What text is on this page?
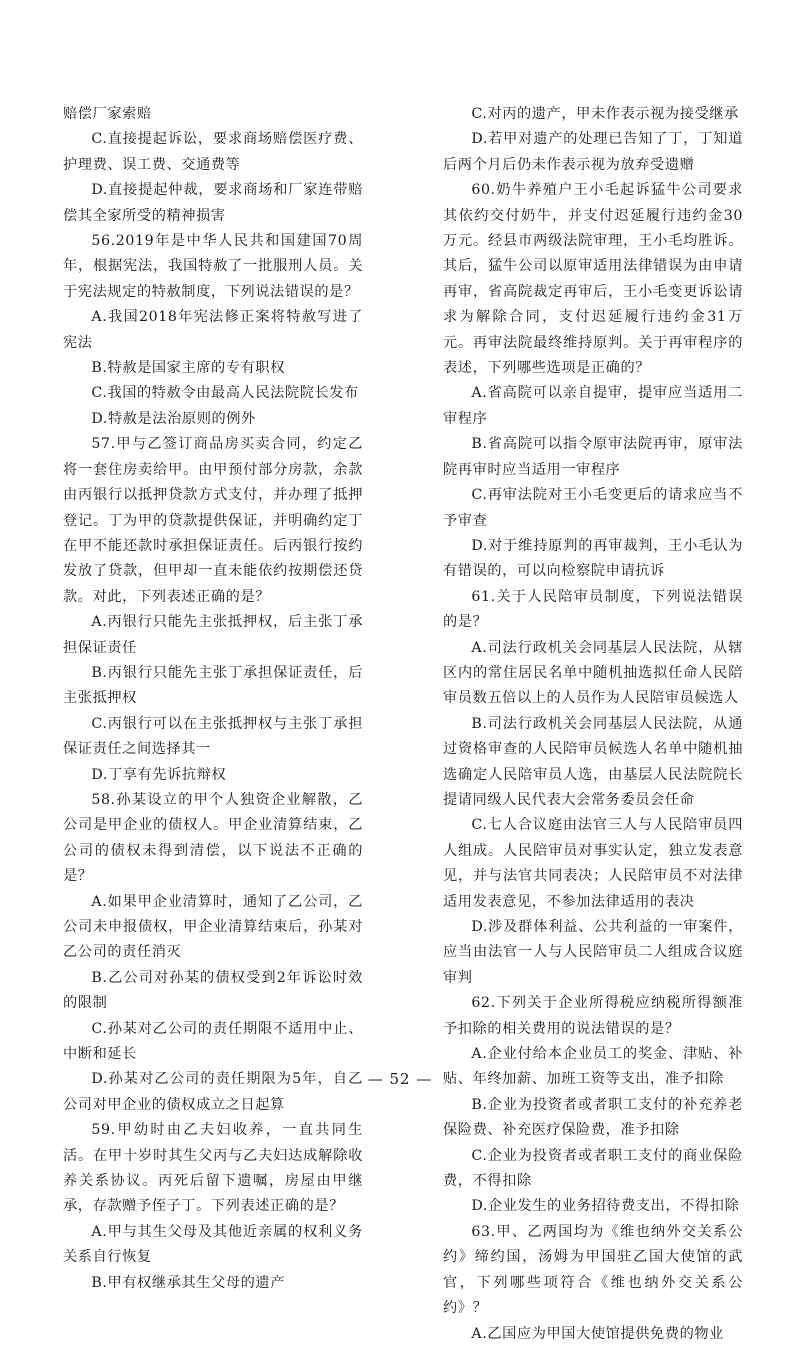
赔偿厂家索赔

C.直接提起诉讼，要求商场赔偿医疗费、护理费、误工费、交通费等

D.直接提起仲裁，要求商场和厂家连带赔偿其全家所受的精神损害

56.2019年是中华人民共和国建国70周年，根据宪法，我国特赦了一批服刑人员。关于宪法规定的特赦制度，下列说法错误的是？

A.我国2018年宪法修正案将特赦写进了宪法

B.特赦是国家主席的专有职权

C.我国的特赦令由最高人民法院院长发布

D.特赦是法治原则的例外

57.甲与乙签订商品房买卖合同，约定乙将一套住房卖给甲。由甲预付部分房款，余款由丙银行以抵押贷款方式支付，并办理了抵押登记。丁为甲的贷款提供保证，并明确约定丁在甲不能还款时承担保证责任。后丙银行按约发放了贷款，但甲却一直未能依约按期偿还贷款。对此，下列表述正确的是？

A.丙银行只能先主张抵押权，后主张丁承担保证责任

B.丙银行只能先主张丁承担保证责任，后主张抵押权

C.丙银行可以在主张抵押权与主张丁承担保证责任之间选择其一

D.丁享有先诉抗辩权

58.孙某设立的甲个人独资企业解散，乙公司是甲企业的债权人。甲企业清算结束，乙公司的债权未得到清偿，以下说法不正确的是？

A.如果甲企业清算时，通知了乙公司，乙公司未申报债权，甲企业清算结束后，孙某对乙公司的责任消灭

B.乙公司对孙某的债权受到2年诉讼时效的限制

C.孙某对乙公司的责任期限不适用中止、中断和延长

D.孙某对乙公司的责任期限为5年，自乙公司对甲企业的债权成立之日起算

59.甲幼时由乙夫妇收养，一直共同生活。在甲十岁时其生父丙与乙夫妇达成解除收养关系协议。丙死后留下遗嘱，房屋由甲继承，存款赠予侄子丁。下列表述正确的是？

A.甲与其生父母及其他近亲属的权利义务关系自行恢复

B.甲有权继承其生父母的遗产

C.对丙的遗产，甲未作表示视为接受继承

D.若甲对遗产的处理已告知了丁，丁知道后两个月后仍未作表示视为放弃受遗赠

60.奶牛养殖户王小毛起诉猛牛公司要求其依约交付奶牛，并支付迟延履行违约金30万元。经县市两级法院审理，王小毛均胜诉。其后，猛牛公司以原审适用法律错误为由申请再审，省高院裁定再审后，王小毛变更诉讼请求为解除合同，支付迟延履行违约金31万元。再审法院最终维持原判。关于再审程序的表述，下列哪些选项是正确的？

A.省高院可以亲自提审，提审应当适用二审程序

B.省高院可以指令原审法院再审，原审法院再审时应当适用一审程序

C.再审法院对王小毛变更后的请求应当不予审查

D.对于维持原判的再审裁判，王小毛认为有错误的，可以向检察院申请抗诉

61.关于人民陪审员制度，下列说法错误的是？

A.司法行政机关会同基层人民法院，从辖区内的常住居民名单中随机抽选拟任命人民陪审员数五倍以上的人员作为人民陪审员候选人

B.司法行政机关会同基层人民法院，从通过资格审查的人民陪审员候选人名单中随机抽选确定人民陪审员人选，由基层人民法院院长提请同级人民代表大会常务委员会任命

C.七人合议庭由法官三人与人民陪审员四人组成。人民陪审员对事实认定，独立发表意见，并与法官共同表决；人民陪审员不对法律适用发表意见，不参加法律适用的表决

D.涉及群体利益、公共利益的一审案件，应当由法官一人与人民陪审员二人组成合议庭审判

62.下列关于企业所得税应纳税所得额准予扣除的相关费用的说法错误的是？

A.企业付给本企业员工的奖金、津贴、补贴、年终加薪、加班工资等支出，准予扣除

B.企业为投资者或者职工支付的补充养老保险费、补充医疗保险费，准予扣除

C.企业为投资者或者职工支付的商业保险费，不得扣除

D.企业发生的业务招待费支出，不得扣除

63.甲、乙两国均为《维也纳外交关系公约》缔约国，汤姆为甲国驻乙国大使馆的武官，下列哪些项符合《维也纳外交关系公约》？

A.乙国应为甲国大使馆提供免费的物业

— 52 —
